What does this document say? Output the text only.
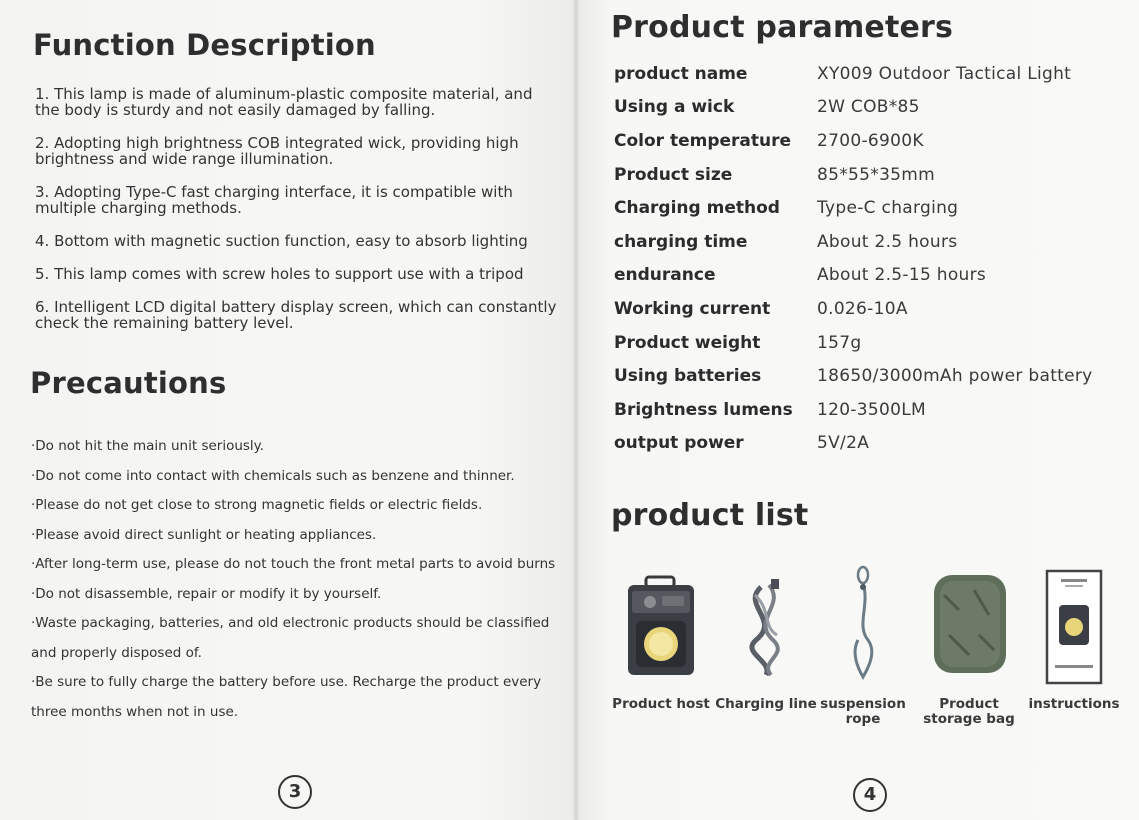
Function Description
1. This lamp is made of aluminum-plastic composite material, and the body is sturdy and not easily damaged by falling.
2. Adopting high brightness COB integrated wick, providing high brightness and wide range illumination.
3. Adopting Type-C fast charging interface, it is compatible with multiple charging methods.
4. Bottom with magnetic suction function, easy to absorb lighting
5. This lamp comes with screw holes to support use with a tripod
6. Intelligent LCD digital battery display screen, which can constantly check the remaining battery level.
Precautions
·Do not hit the main unit seriously.
·Do not come into contact with chemicals such as benzene and thinner.
·Please do not get close to strong magnetic fields or electric fields.
·Please avoid direct sunlight or heating appliances.
·After long-term use, please do not touch the front metal parts to avoid burns
·Do not disassemble, repair or modify it by yourself.
·Waste packaging, batteries, and old electronic products should be classified
and properly disposed of.
·Be sure to fully charge the battery before use. Recharge the product every
three months when not in use.
3
Product parameters
product name	XY009 Outdoor Tactical Light
Using a wick	2W COB*85
Color temperature	2700-6900K
Product size	85*55*35mm
Charging method	Type-C charging
charging time	About 2.5 hours
endurance	About 2.5-15 hours
Working current	0.026-10A
Product weight	157g
Using batteries	18650/3000mAh power battery
Brightness lumens	120-3500LM
output power	5V/2A
product list
Product host Charging line suspension rope
Product storage bag
instructions
4
